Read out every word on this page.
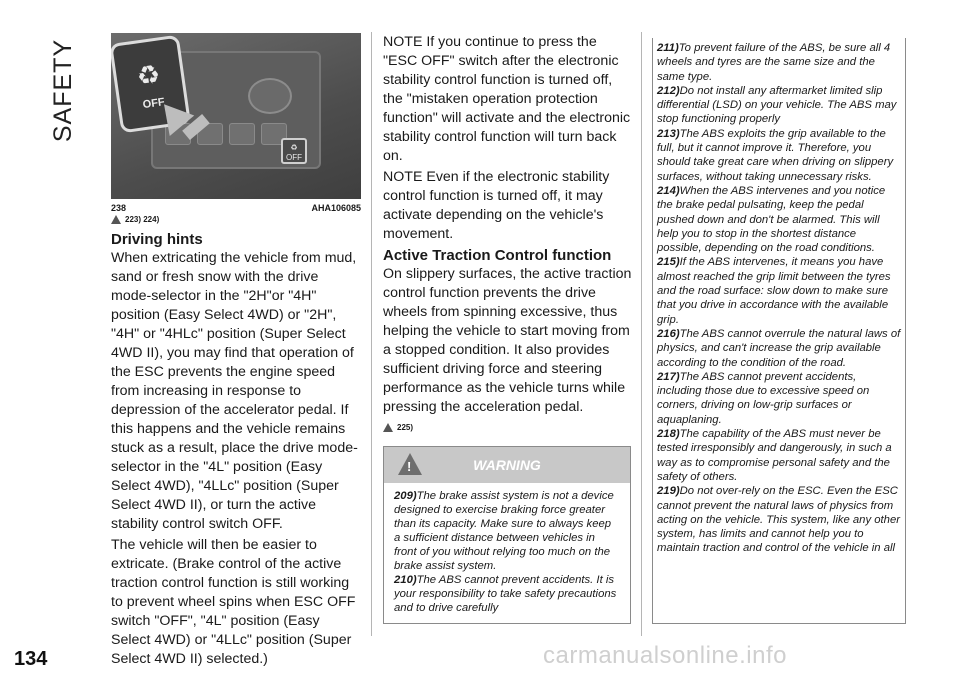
SAFETY ♻
OFF
♻
OFF
238	AHA106085
223) 224)
Driving hints

When extricating the vehicle from mud, sand or fresh snow with the drive mode-selector in the "2H"or "4H" position (Easy Select 4WD) or "2H", "4H" or "4HLc" position (Super Select 4WD II), you may find that operation of the ESC prevents the engine speed from increasing in response to depression of the accelerator pedal. If this happens and the vehicle remains stuck as a result, place the drive mode-selector in the "4L" position (Easy Select 4WD), "4LLc" position (Super Select 4WD II), or turn the active stability control switch OFF.

The vehicle will then be easier to extricate. (Brake control of the active traction control function is still working to prevent wheel spins when ESC OFF switch "OFF", "4L" position (Easy Select 4WD) or "4LLc" position (Super Select 4WD II) selected.)

NOTE If you continue to press the "ESC OFF" switch after the electronic stability control function is turned off, the "mistaken operation protection function" will activate and the electronic stability control function will turn back on.

NOTE Even if the electronic stability control function is turned off, it may activate depending on the vehicle's movement.

Active Traction Control function

On slippery surfaces, the active traction control function prevents the drive wheels from spinning excessive, thus helping the vehicle to start moving from a stopped condition. It also provides sufficient driving force and steering performance as the vehicle turns while pressing the acceleration pedal.

225)
!	WARNING

209)The brake assist system is not a device designed to exercise braking force greater than its capacity. Make sure to always keep a sufficient distance between vehicles in front of you without relying too much on the brake assist system.

210)The ABS cannot prevent accidents. It is your responsibility to take safety precautions and to drive carefully

211)To prevent failure of the ABS, be sure all 4 wheels and tyres are the same size and the same type.

212)Do not install any aftermarket limited slip differential (LSD) on your vehicle. The ABS may stop functioning properly

213)The ABS exploits the grip available to the full, but it cannot improve it. Therefore, you should take great care when driving on slippery surfaces, without taking unnecessary risks.

214)When the ABS intervenes and you notice the brake pedal pulsating, keep the pedal pushed down and don't be alarmed. This will help you to stop in the shortest distance possible, depending on the road conditions.

215)If the ABS intervenes, it means you have almost reached the grip limit between the tyres and the road surface: slow down to make sure that you drive in accordance with the available grip.

216)The ABS cannot overrule the natural laws of physics, and can't increase the grip available according to the condition of the road.

217)The ABS cannot prevent accidents, including those due to excessive speed on corners, driving on low-grip surfaces or aquaplaning.

218)The capability of the ABS must never be tested irresponsibly and dangerously, in such a way as to compromise personal safety and the safety of others.

219)Do not over-rely on the ESC. Even the ESC cannot prevent the natural laws of physics from acting on the vehicle. This system, like any other system, has limits and cannot help you to maintain traction and control of the vehicle in all

134	carmanualsonline.info
